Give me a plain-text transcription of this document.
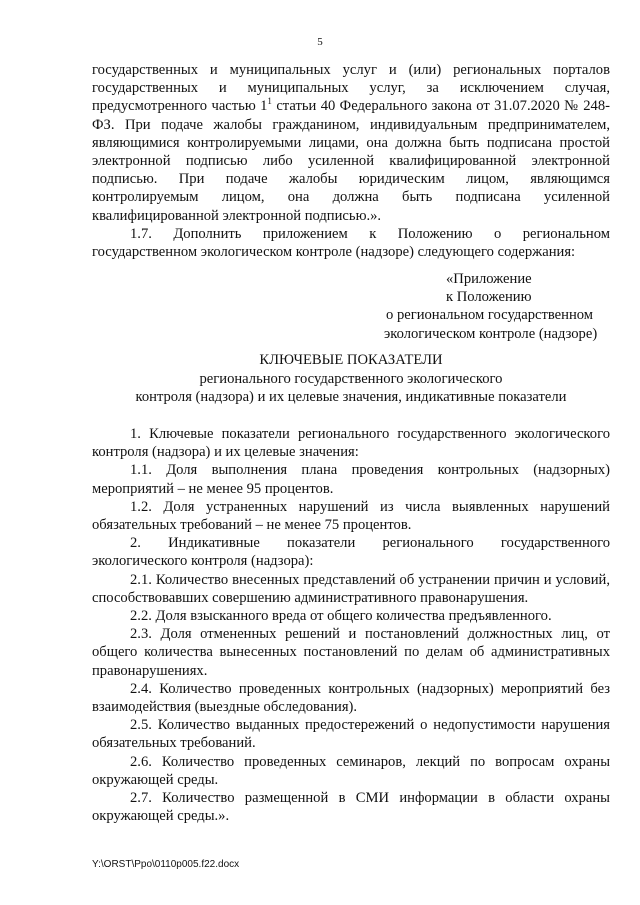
5

государственных и муниципальных услуг и (или) региональных порталов государственных и муниципальных услуг, за исключением случая, предусмотренного частью $1^1$ статьи 40 Федерального закона от 31.07.2020 № 248-ФЗ. При подаче жалобы гражданином, индивидуальным предпринимателем, являющимися контролируемыми лицами, она должна быть подписана простой электронной подписью либо усиленной квалифицированной электронной подписью. При подаче жалобы юридическим лицом, являющимся контролируемым лицом, она должна быть подписана усиленной квалифицированной электронной подписью.».

1.7. Дополнить приложением к Положению о региональном государственном экологическом контроле (надзоре) следующего содержания:

«Приложение
к Положению
о региональном государственном
экологическом контроле (надзоре)
КЛЮЧЕВЫЕ ПОКАЗАТЕЛИ
регионального государственного экологического
контроля (надзора) и их целевые значения, индикативные показатели

1. Ключевые показатели регионального государственного экологического контроля (надзора) и их целевые значения:

1.1. Доля выполнения плана проведения контрольных (надзорных) мероприятий – не менее 95 процентов.

1.2. Доля устраненных нарушений из числа выявленных нарушений обязательных требований – не менее 75 процентов.

2. Индикативные показатели регионального государственного экологического контроля (надзора):

2.1. Количество внесенных представлений об устранении причин и условий, способствовавших совершению административного правонарушения.

2.2. Доля взысканного вреда от общего количества предъявленного.

2.3. Доля отмененных решений и постановлений должностных лиц, от общего количества вынесенных постановлений по делам об административных правонарушениях.

2.4. Количество проведенных контрольных (надзорных) мероприятий без взаимодействия (выездные обследования).

2.5. Количество выданных предостережений о недопустимости нарушения обязательных требований.

2.6. Количество проведенных семинаров, лекций по вопросам охраны окружающей среды.

2.7. Количество размещенной в СМИ информации в области охраны окружающей среды.».

Y:\ORST\Ppo\0110p005.f22.docx
